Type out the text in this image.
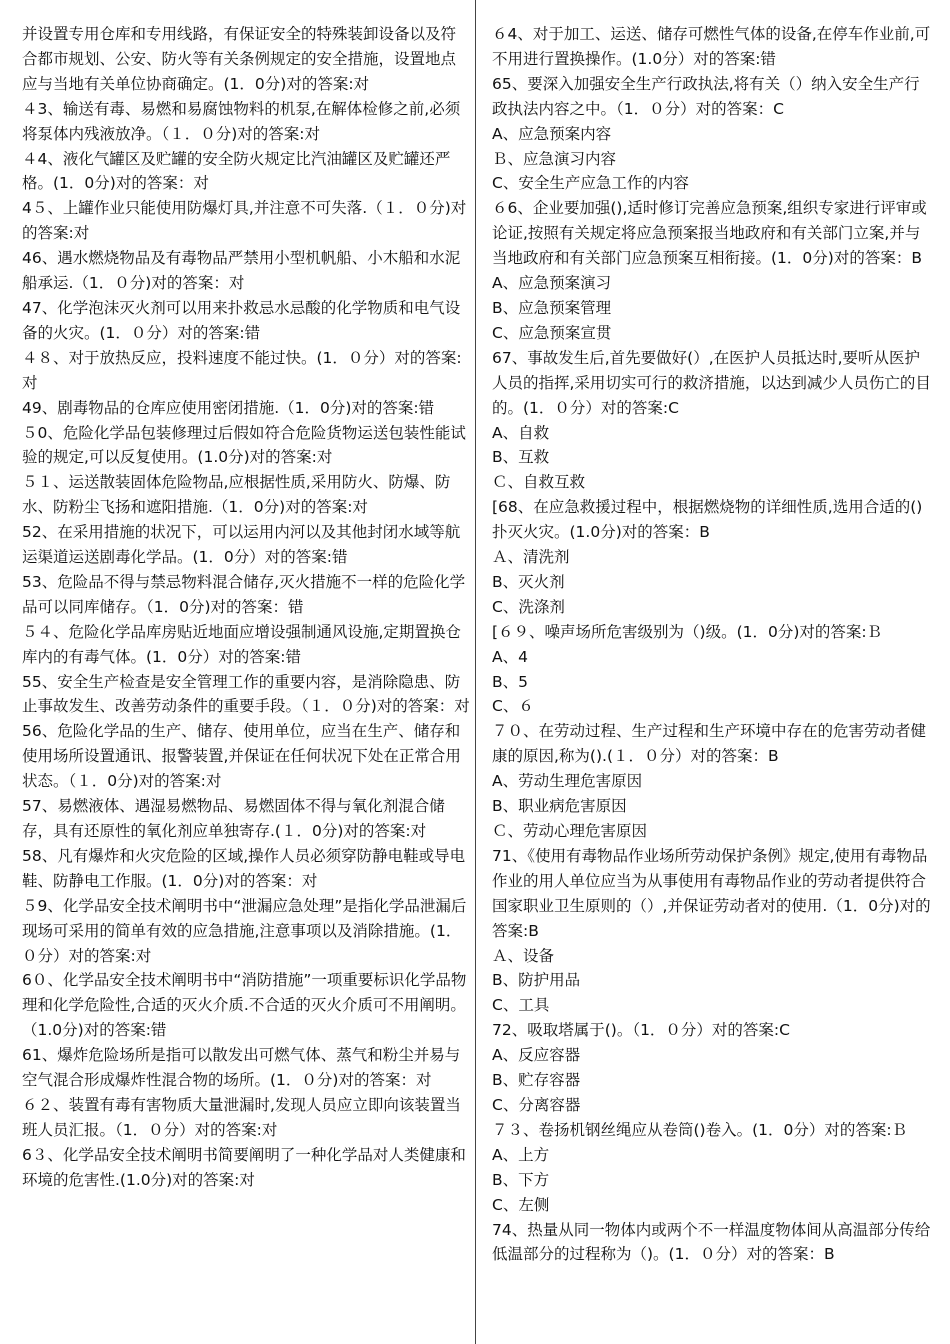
并设置专用仓库和专用线路，有保证安全的特殊装卸设备以及符合都市规划、公安、防火等有关条例规定的安全措施，设置地点应与当地有关单位协商确定。(1．0分)对的答案:对

４3、输送有毒、易燃和易腐蚀物料的机泵,在解体检修之前,必须将泵体内残液放净。（１．０分)对的答案:对

４4、液化气罐区及贮罐的安全防火规定比汽油罐区及贮罐还严格。(1．0分)对的答案：对

4５、上罐作业只能使用防爆灯具,并注意不可失落.（１．０分)对的答案:对

46、遇水燃烧物品及有毒物品严禁用小型机帆船、小木船和水泥船承运.（1．０分)对的答案：对

47、化学泡沫灭火剂可以用来扑救忌水忌酸的化学物质和电气设备的火灾。(1．０分）对的答案:错

４８、对于放热反应，投料速度不能过快。(1．０分）对的答案:对

49、剧毒物品的仓库应使用密闭措施.（1．0分)对的答案:错

５0、危险化学品包装修理过后假如符合危险货物运送包装性能试验的规定,可以反复使用。(1.0分)对的答案:对

５１、运送散装固体危险物品,应根据性质,采用防火、防爆、防水、防粉尘飞扬和遮阳措施.（1．0分)对的答案:对

52、在采用措施的状况下，可以运用内河以及其他封闭水域等航运渠道运送剧毒化学品。(1．0分）对的答案:错

53、危险品不得与禁忌物料混合储存,灭火措施不一样的危险化学品可以同库储存。（1．0分)对的答案：错

５４、危险化学品库房贴近地面应增设强制通风设施,定期置换仓库内的有毒气体。(1．0分）对的答案:错

55、安全生产检查是安全管理工作的重要内容，是消除隐患、防止事故发生、改善劳动条件的重要手段。（１．０分)对的答案：对

56、危险化学品的生产、储存、使用单位，应当在生产、储存和使用场所设置通讯、报警装置,并保证在任何状况下处在正常合用状态。（１．0分)对的答案:对

57、易燃液体、遇湿易燃物品、易燃固体不得与氧化剂混合储存，具有还原性的氧化剂应单独寄存.(１．0分)对的答案:对

58、凡有爆炸和火灾危险的区域,操作人员必须穿防静电鞋或导电鞋、防静电工作服。(1．0分)对的答案：对

５9、化学品安全技术阐明书中“泄漏应急处理”是指化学品泄漏后现场可采用的简单有效的应急措施,注意事项以及消除措施。(1．０分）对的答案:对

6０、化学品安全技术阐明书中“消防措施”一项重要标识化学品物理和化学危险性,合适的灭火介质.不合适的灭火介质可不用阐明。（1.0分)对的答案:错

61、爆炸危险场所是指可以散发出可燃气体、蒸气和粉尘并易与空气混合形成爆炸性混合物的场所。(1．０分)对的答案：对

６２、装置有毒有害物质大量泄漏时,发现人员应立即向该装置当班人员汇报。（1．０分）对的答案:对

6３、化学品安全技术阐明书简要阐明了一种化学品对人类健康和环境的危害性.(1.0分)对的答案:对

６4、对于加工、运送、储存可燃性气体的设备,在停车作业前,可不用进行置换操作。(1.0分）对的答案:错

65、要深入加强安全生产行政执法,将有关（）纳入安全生产行政执法内容之中。（1．０分）对的答案：C

A、应急预案内容

Ｂ、应急演习内容

C、安全生产应急工作的内容

６6、企业要加强(),适时修订完善应急预案,组织专家进行评审或论证,按照有关规定将应急预案报当地政府和有关部门立案,并与当地政府和有关部门应急预案互相衔接。(1．0分)对的答案：B

A、应急预案演习

B、应急预案管理

C、应急预案宣贯

67、事故发生后,首先要做好(）,在医护人员抵达时,要听从医护人员的指挥,采用切实可行的救济措施，以达到减少人员伤亡的目的。(1．０分）对的答案:C

A、自救

B、互救

Ｃ、自救互救

[68、在应急救援过程中，根据燃烧物的详细性质,选用合适的()扑灭火灾。(1.0分)对的答案：B

Ａ、清洗剂

B、灭火剂

C、洗涤剂

[６９、噪声场所危害级别为（)级。(1．0分)对的答案:Ｂ

A、4

B、5

C、６

７０、在劳动过程、生产过程和生产环境中存在的危害劳动者健康的原因,称为().(１．０分）对的答案：B

A、劳动生理危害原因

B、职业病危害原因

Ｃ、劳动心理危害原因

71、《使用有毒物品作业场所劳动保护条例》规定,使用有毒物品作业的用人单位应当为从事使用有毒物品作业的劳动者提供符合国家职业卫生原则的（）,并保证劳动者对的使用.（1．0分)对的答案:B

Ａ、设备

B、防护用品

C、工具

72、吸取塔属于()。（1．０分）对的答案:C

A、反应容器

B、贮存容器

C、分离容器

７３、卷扬机钢丝绳应从卷筒()卷入。(1．0分）对的答案:Ｂ

A、上方

B、下方

C、左侧

74、热量从同一物体内或两个不一样温度物体间从高温部分传给低温部分的过程称为（)。(1．０分）对的答案：B
